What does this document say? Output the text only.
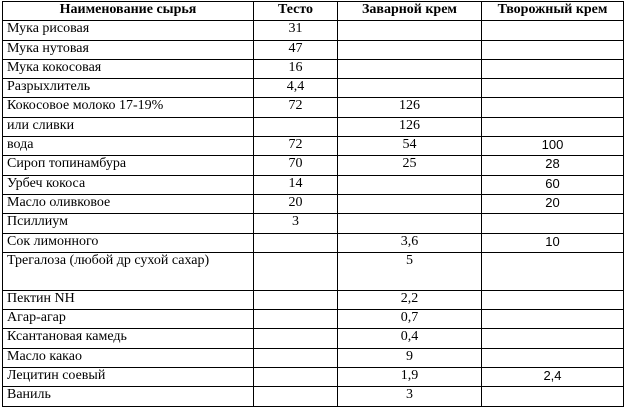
Наименование сырья	Тесто	Заварной крем	Творожный крем
Мука рисовая	31		
Мука нутовая	47		
Мука кокосовая	16		
Разрыхлитель	4,4		
Кокосовое молоко 17-19%	72	126	
или сливки		126	
вода	72	54	100
Сироп топинамбура	70	25	28
Урбеч кокоса	14		60
Масло оливковое	20		20
Псиллиум	3		
Сок лимонного		3,6	10
Трегалоза (любой др сухой сахар)		5	
Пектин NH		2,2	
Агар-агар		0,7	
Ксантановая камедь		0,4	
Масло какао		9	
Лецитин соевый		1,9	2,4
Ваниль		3	
